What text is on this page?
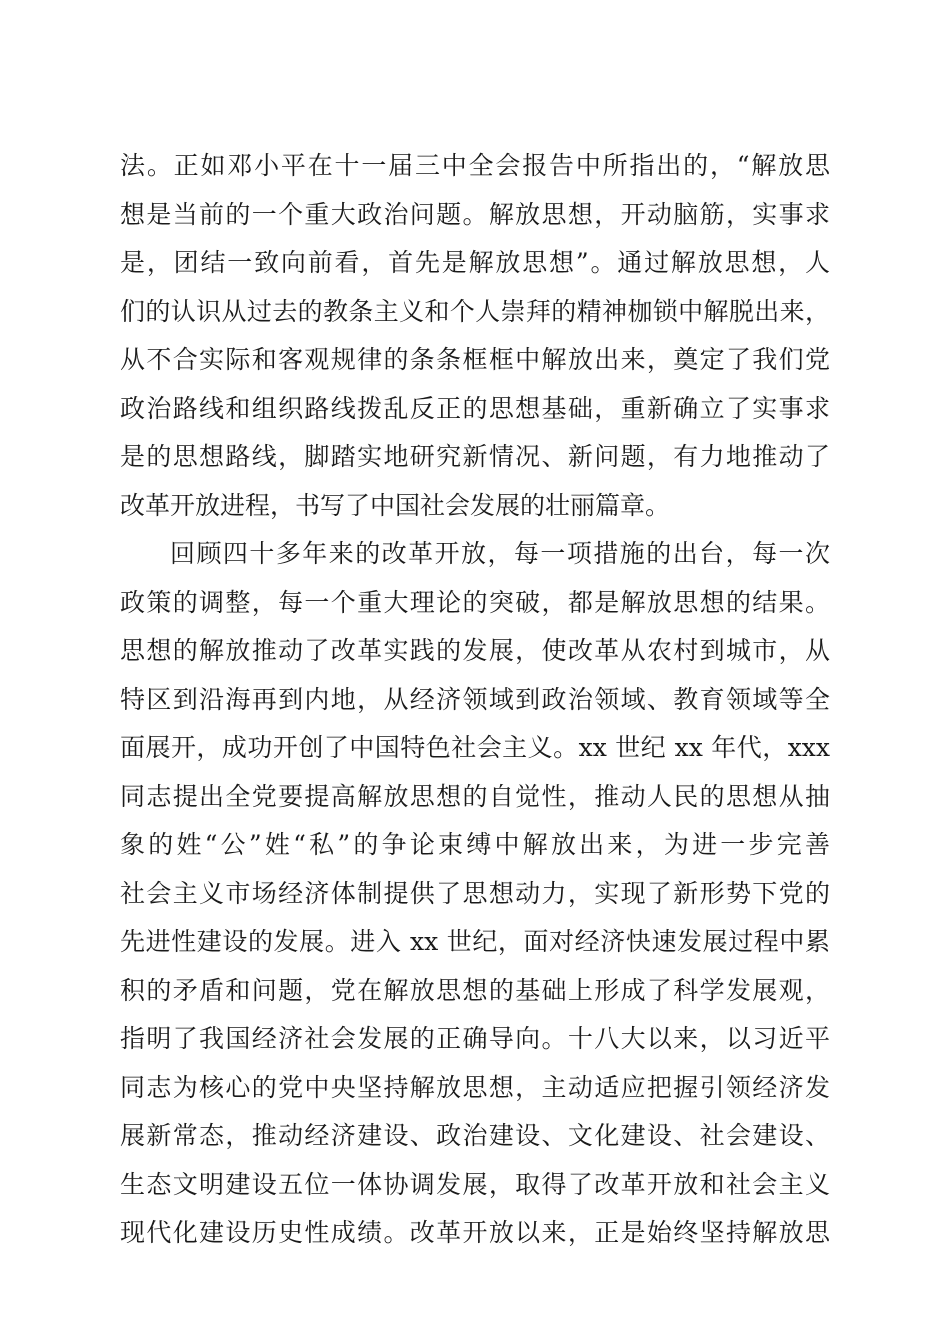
法。正如邓小平在十一届三中全会报告中所指出的，“解放思
想是当前的一个重大政治问题。解放思想，开动脑筋，实事求
是，团结一致向前看，首先是解放思想”。通过解放思想，人
们的认识从过去的教条主义和个人崇拜的精神枷锁中解脱出来，
从不合实际和客观规律的条条框框中解放出来，奠定了我们党
政治路线和组织路线拨乱反正的思想基础，重新确立了实事求
是的思想路线，脚踏实地研究新情况、新问题，有力地推动了
改革开放进程，书写了中国社会发展的壮丽篇章。
回顾四十多年来的改革开放，每一项措施的出台，每一次
政策的调整，每一个重大理论的突破，都是解放思想的结果。
思想的解放推动了改革实践的发展，使改革从农村到城市，从
特区到沿海再到内地，从经济领域到政治领域、教育领域等全
面展开，成功开创了中国特色社会主义。xx 世纪 xx 年代，xxx
同志提出全党要提高解放思想的自觉性，推动人民的思想从抽
象的姓“公”姓“私”的争论束缚中解放出来，为进一步完善
社会主义市场经济体制提供了思想动力，实现了新形势下党的
先进性建设的发展。进入 xx 世纪，面对经济快速发展过程中累
积的矛盾和问题，党在解放思想的基础上形成了科学发展观，
指明了我国经济社会发展的正确导向。十八大以来，以习近平
同志为核心的党中央坚持解放思想，主动适应把握引领经济发
展新常态，推动经济建设、政治建设、文化建设、社会建设、
生态文明建设五位一体协调发展，取得了改革开放和社会主义
现代化建设历史性成绩。改革开放以来，正是始终坚持解放思
